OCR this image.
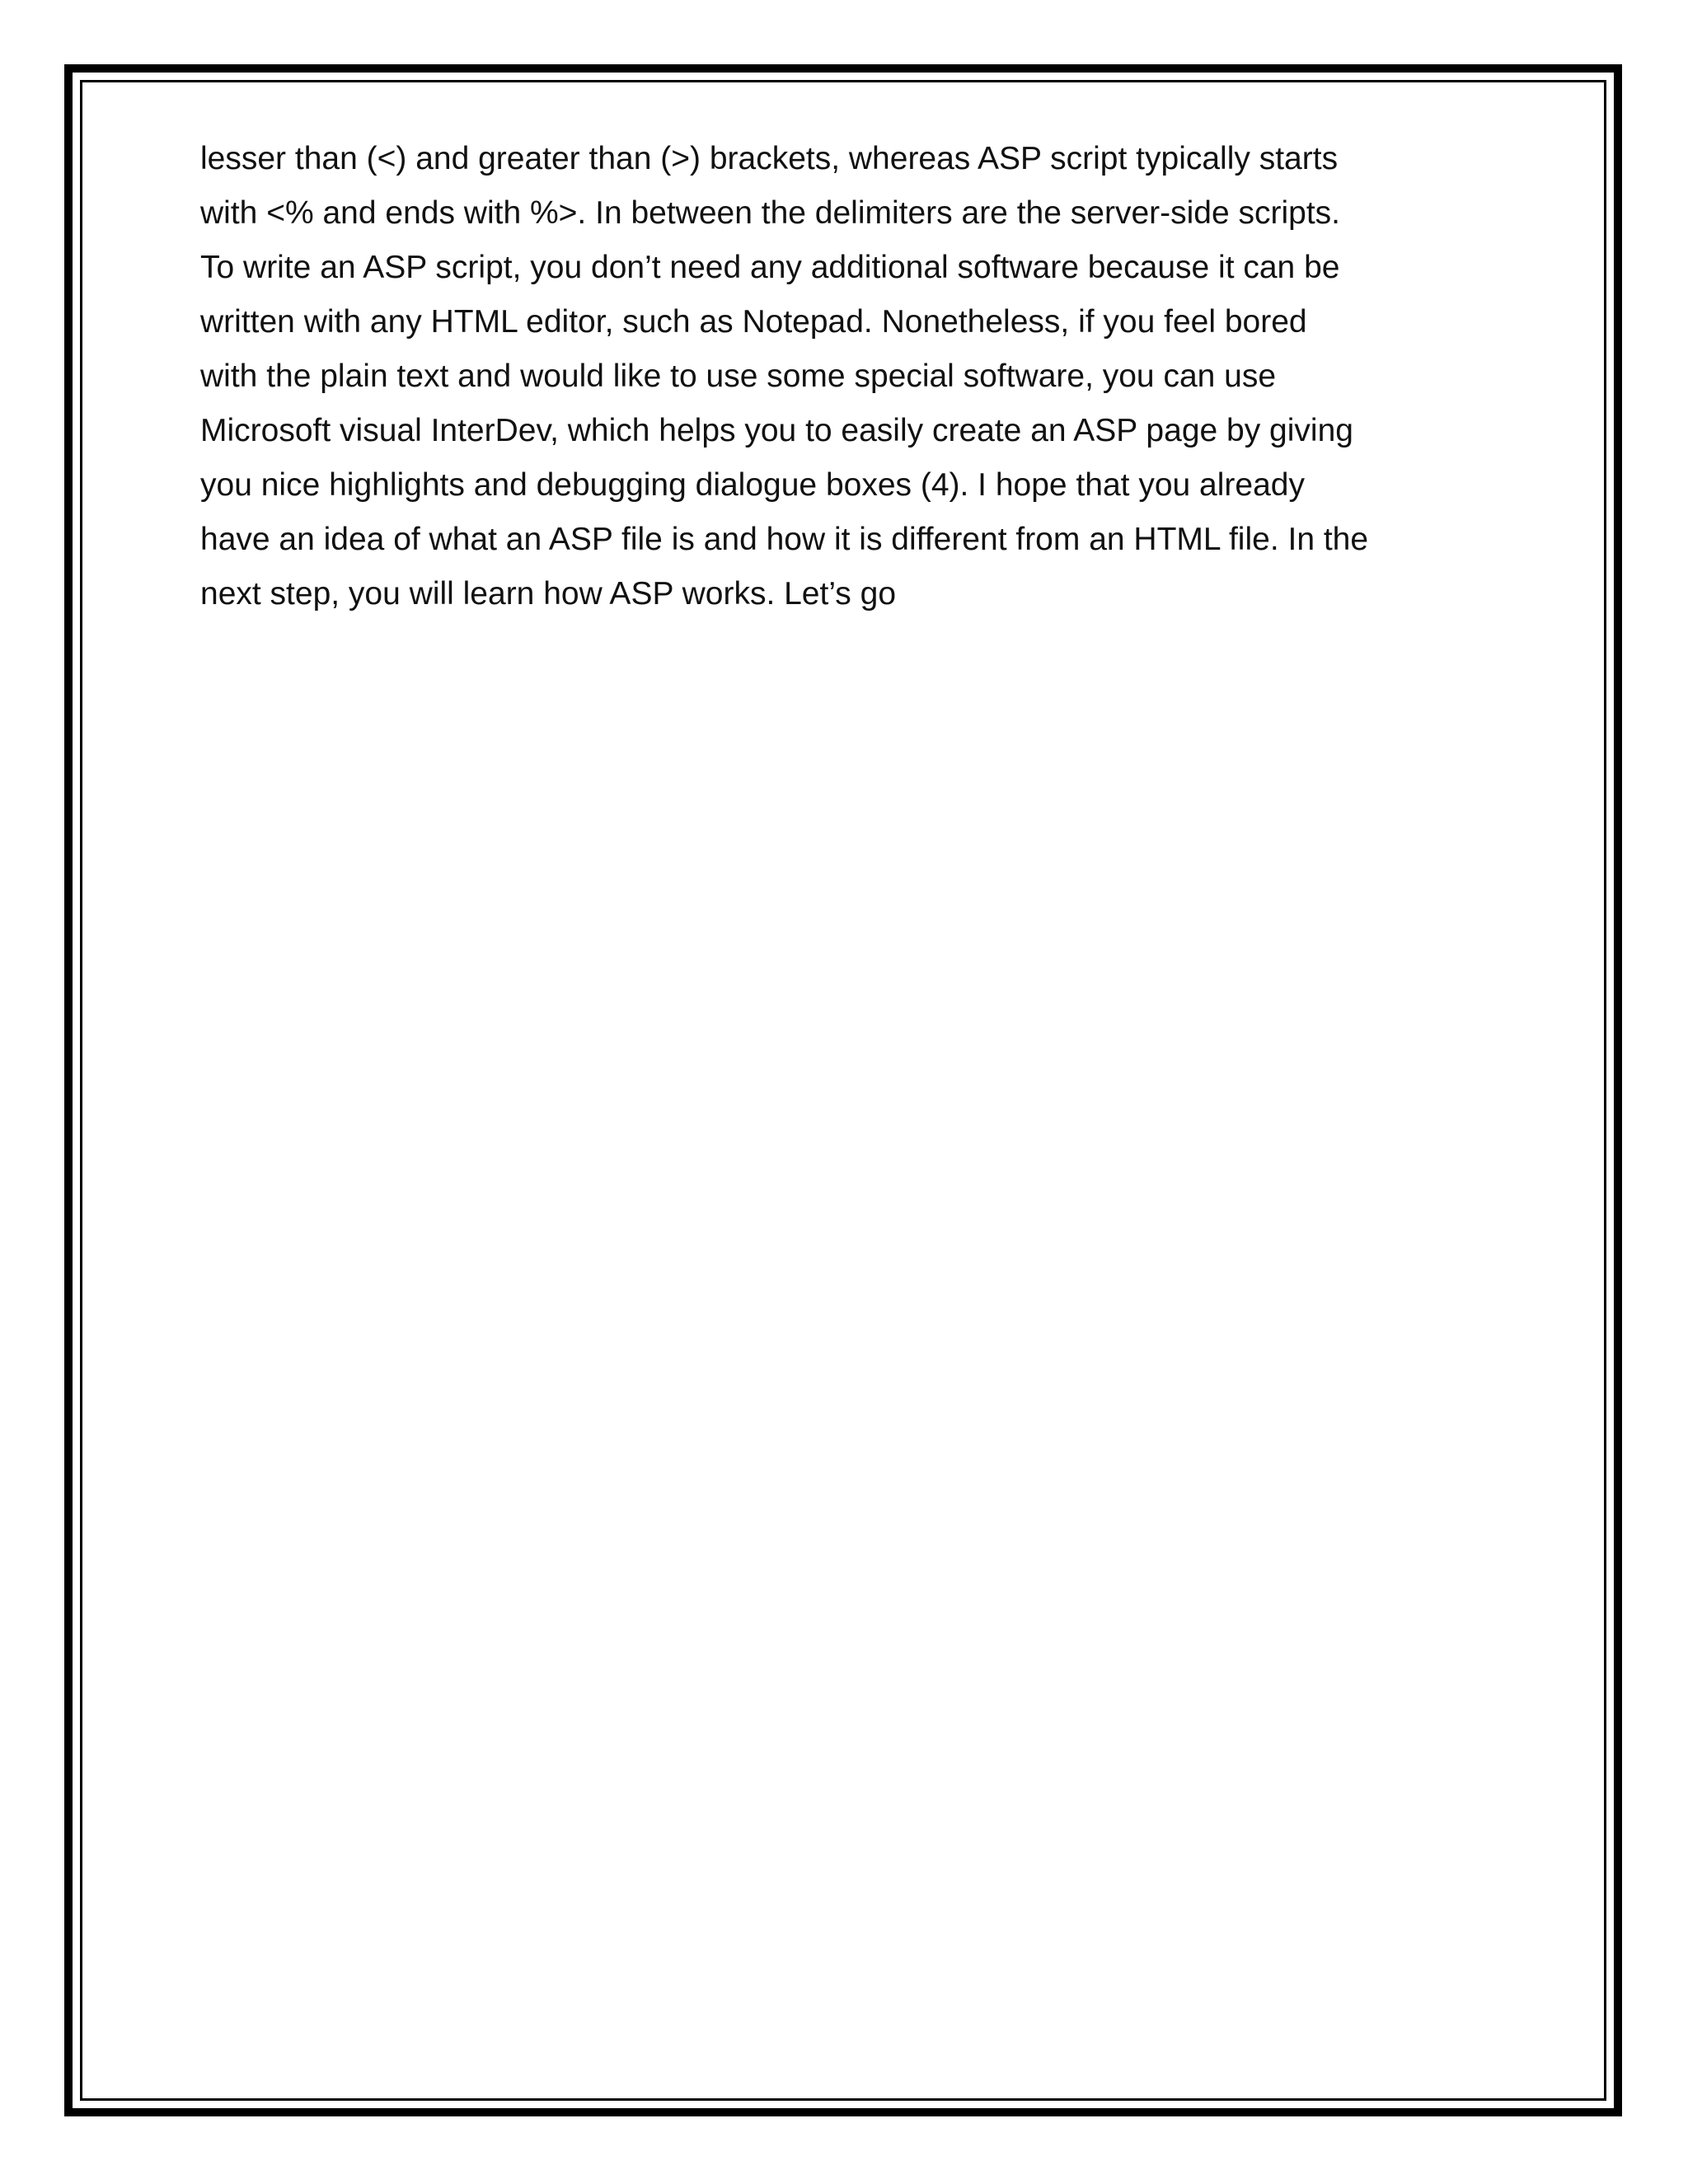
lesser than (<) and greater than (>) brackets, whereas ASP script typically starts
with <% and ends with %>. In between the delimiters are the server-side scripts.
To write an ASP script, you don’t need any additional software because it can be
written with any HTML editor, such as Notepad. Nonetheless, if you feel bored
with the plain text and would like to use some special software, you can use
Microsoft visual InterDev, which helps you to easily create an ASP page by giving
you nice highlights and debugging dialogue boxes (4). I hope that you already
have an idea of what an ASP file is and how it is different from an HTML file. In the
next step, you will learn how ASP works. Let’s go
